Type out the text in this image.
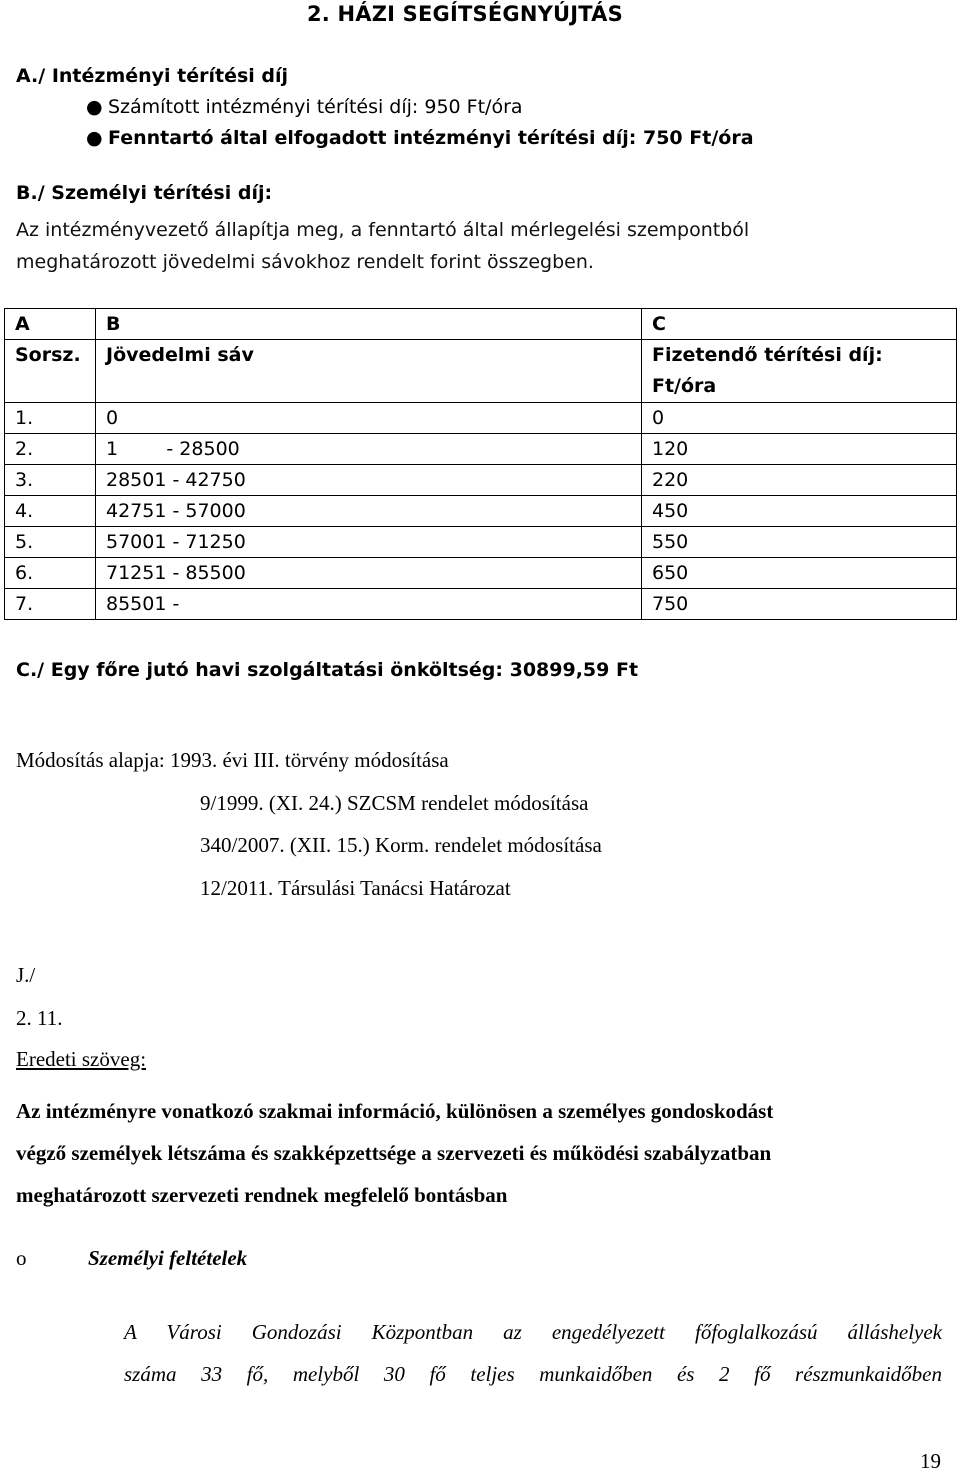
2. HÁZI SEGÍTSÉGNYÚJTÁS
A./ Intézményi térítési díj
● Számított intézményi térítési díj: 950 Ft/óra
● Fenntartó által elfogadott intézményi térítési díj: 750 Ft/óra
B./ Személyi térítési díj:
Az intézményvezető állapítja meg, a fenntartó által mérlegelési szempontból
meghatározott jövedelmi sávokhoz rendelt forint összegben.
A	B	C
Sorsz.	Jövedelmi sáv	Fizetendő térítési díj:
Ft/óra

1.	0	0
2.	1        - 28500	120
3.	28501 - 42750	220
4.	42751 - 57000	450
5.	57001 - 71250	550
6.	71251 - 85500	650
7.	85501 -	750
C./ Egy főre jutó havi szolgáltatási önköltség: 30899,59 Ft
Módosítás alapja: 1993. évi III. törvény módosítása
9/1999. (XI. 24.) SZCSM rendelet módosítása
340/2007. (XII. 15.) Korm. rendelet módosítása
12/2011. Társulási Tanácsi Határozat
J./
2. 11.
Eredeti szöveg:
Az intézményre vonatkozó szakmai információ, különösen a személyes gondoskodást
végző személyek létszáma és szakképzettsége a szervezeti és működési szabályzatban
meghatározott szervezeti rendnek megfelelő bontásban
o	Személyi feltételek
A Városi Gondozási Központban az engedélyezett főfoglalkozású álláshelyek
száma 33 fő, melyből 30 fő teljes munkaidőben és 2 fő részmunkaidőben
19
